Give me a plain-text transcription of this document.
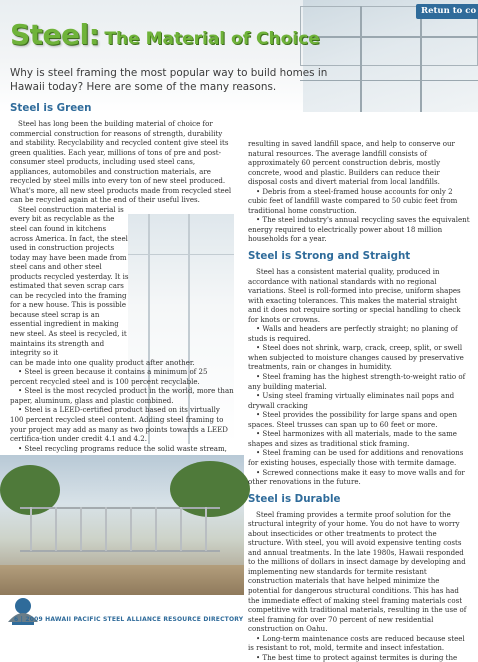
Retun to co
Steel: The Material of Choice
Why is steel framing the most popular way to build homes in Hawaii today? Here are some of the many reasons.
Steel is Green

Steel has long been the building material of choice for commercial construction for reasons of strength, durability and stability. Recyclability and recycled content give steel its green qualities. Each year, millions of tons of pre and post-consumer steel products, including used steel cans, appliances, automobiles and construction materials, are recycled by steel mills into every ton of new steel produced. What's more, all new steel products made from recycled steel can be recycled again at the end of their useful lives.

Steel construction material is every bit as recyclable as the steel can found in kitchens across America. In fact, the steel used in construction projects today may have been made from steel cans and other steel products recycled yesterday. It is estimated that seven scrap cars can be recycled into the framing for a new house. This is possible because steel scrap is an essential ingredient in making new steel. As steel is recycled, it maintains its strength and integrity so it

can be made into one quality product after another.

• Steel is green because it contains a minimum of 25 percent recycled steel and is 100 percent recyclable.

• Steel is the most recycled product in the world, more than paper, aluminum, glass and plastic combined.

• Steel is a LEED-certified product based on its virtually 100 percent recycled steel content. Adding steel framing to your project may add as many as two points towards a LEED certifica-tion under credit 4.1 and 4.2.

• Steel recycling programs reduce the solid waste stream,

resulting in saved landfill space, and help to conserve our natural resources. The average landfill consists of approximately 60 percent construction debris, mostly concrete, wood and plastic. Builders can reduce their disposal costs and divert material from local landfills.

• Debris from a steel-framed house accounts for only 2 cubic feet of landfill waste compared to 50 cubic feet from traditional home construction.

• The steel industry's annual recycling saves the equivalent energy required to electrically power about 18 million households for a year.

Steel is Strong and Straight

Steel has a consistent material quality, produced in accordance with national standards with no regional variations. Steel is roll-formed into precise, uniform shapes with exacting tolerances. This makes the material straight and it does not require sorting or special handling to check for knots or crowns.

• Walls and headers are perfectly straight; no planing of studs is required.

• Steel does not shrink, warp, crack, creep, split, or swell when subjected to moisture changes caused by preservative treatments, rain or changes in humidity.

• Steel framing has the highest strength-to-weight ratio of any building material.

• Using steel framing virtually eliminates nail pops and drywall cracking

• Steel provides the possibility for large spans and open spaces. Steel trusses can span up to 60 feet or more.

• Steel harmonizes with all materials, made to the same shapes and sizes as traditional stick framing.

• Steel framing can be used for additions and renovations for existing houses, especially those with termite damage.

• Screwed connections make it easy to move walls and for other renovations in the future.

Steel is Durable

Steel framing provides a termite proof solution for the structural integrity of your home. You do not have to worry about insecticides or other treatments to protect the structure. With steel, you will avoid expensive tenting costs and annual treatments. In the late 1980s, Hawaii responded to the millions of dollars in insect damage by developing and implementing new standards for termite resistant construction materials that have helped minimize the potential for dangerous structural conditions. This has had the immediate effect of making steel framing materials cost competitive with traditional materials, resulting in the use of steel framing for over 70 percent of new residential construction on Oahu.

• Long-term maintenance costs are reduced because steel is resistant to rot, mold, termite and insect infestation.

• The best time to protect against termites is during the

6 | 2009 HAWAII PACIFIC STEEL ALLIANCE RESOURCE DIRECTORY
